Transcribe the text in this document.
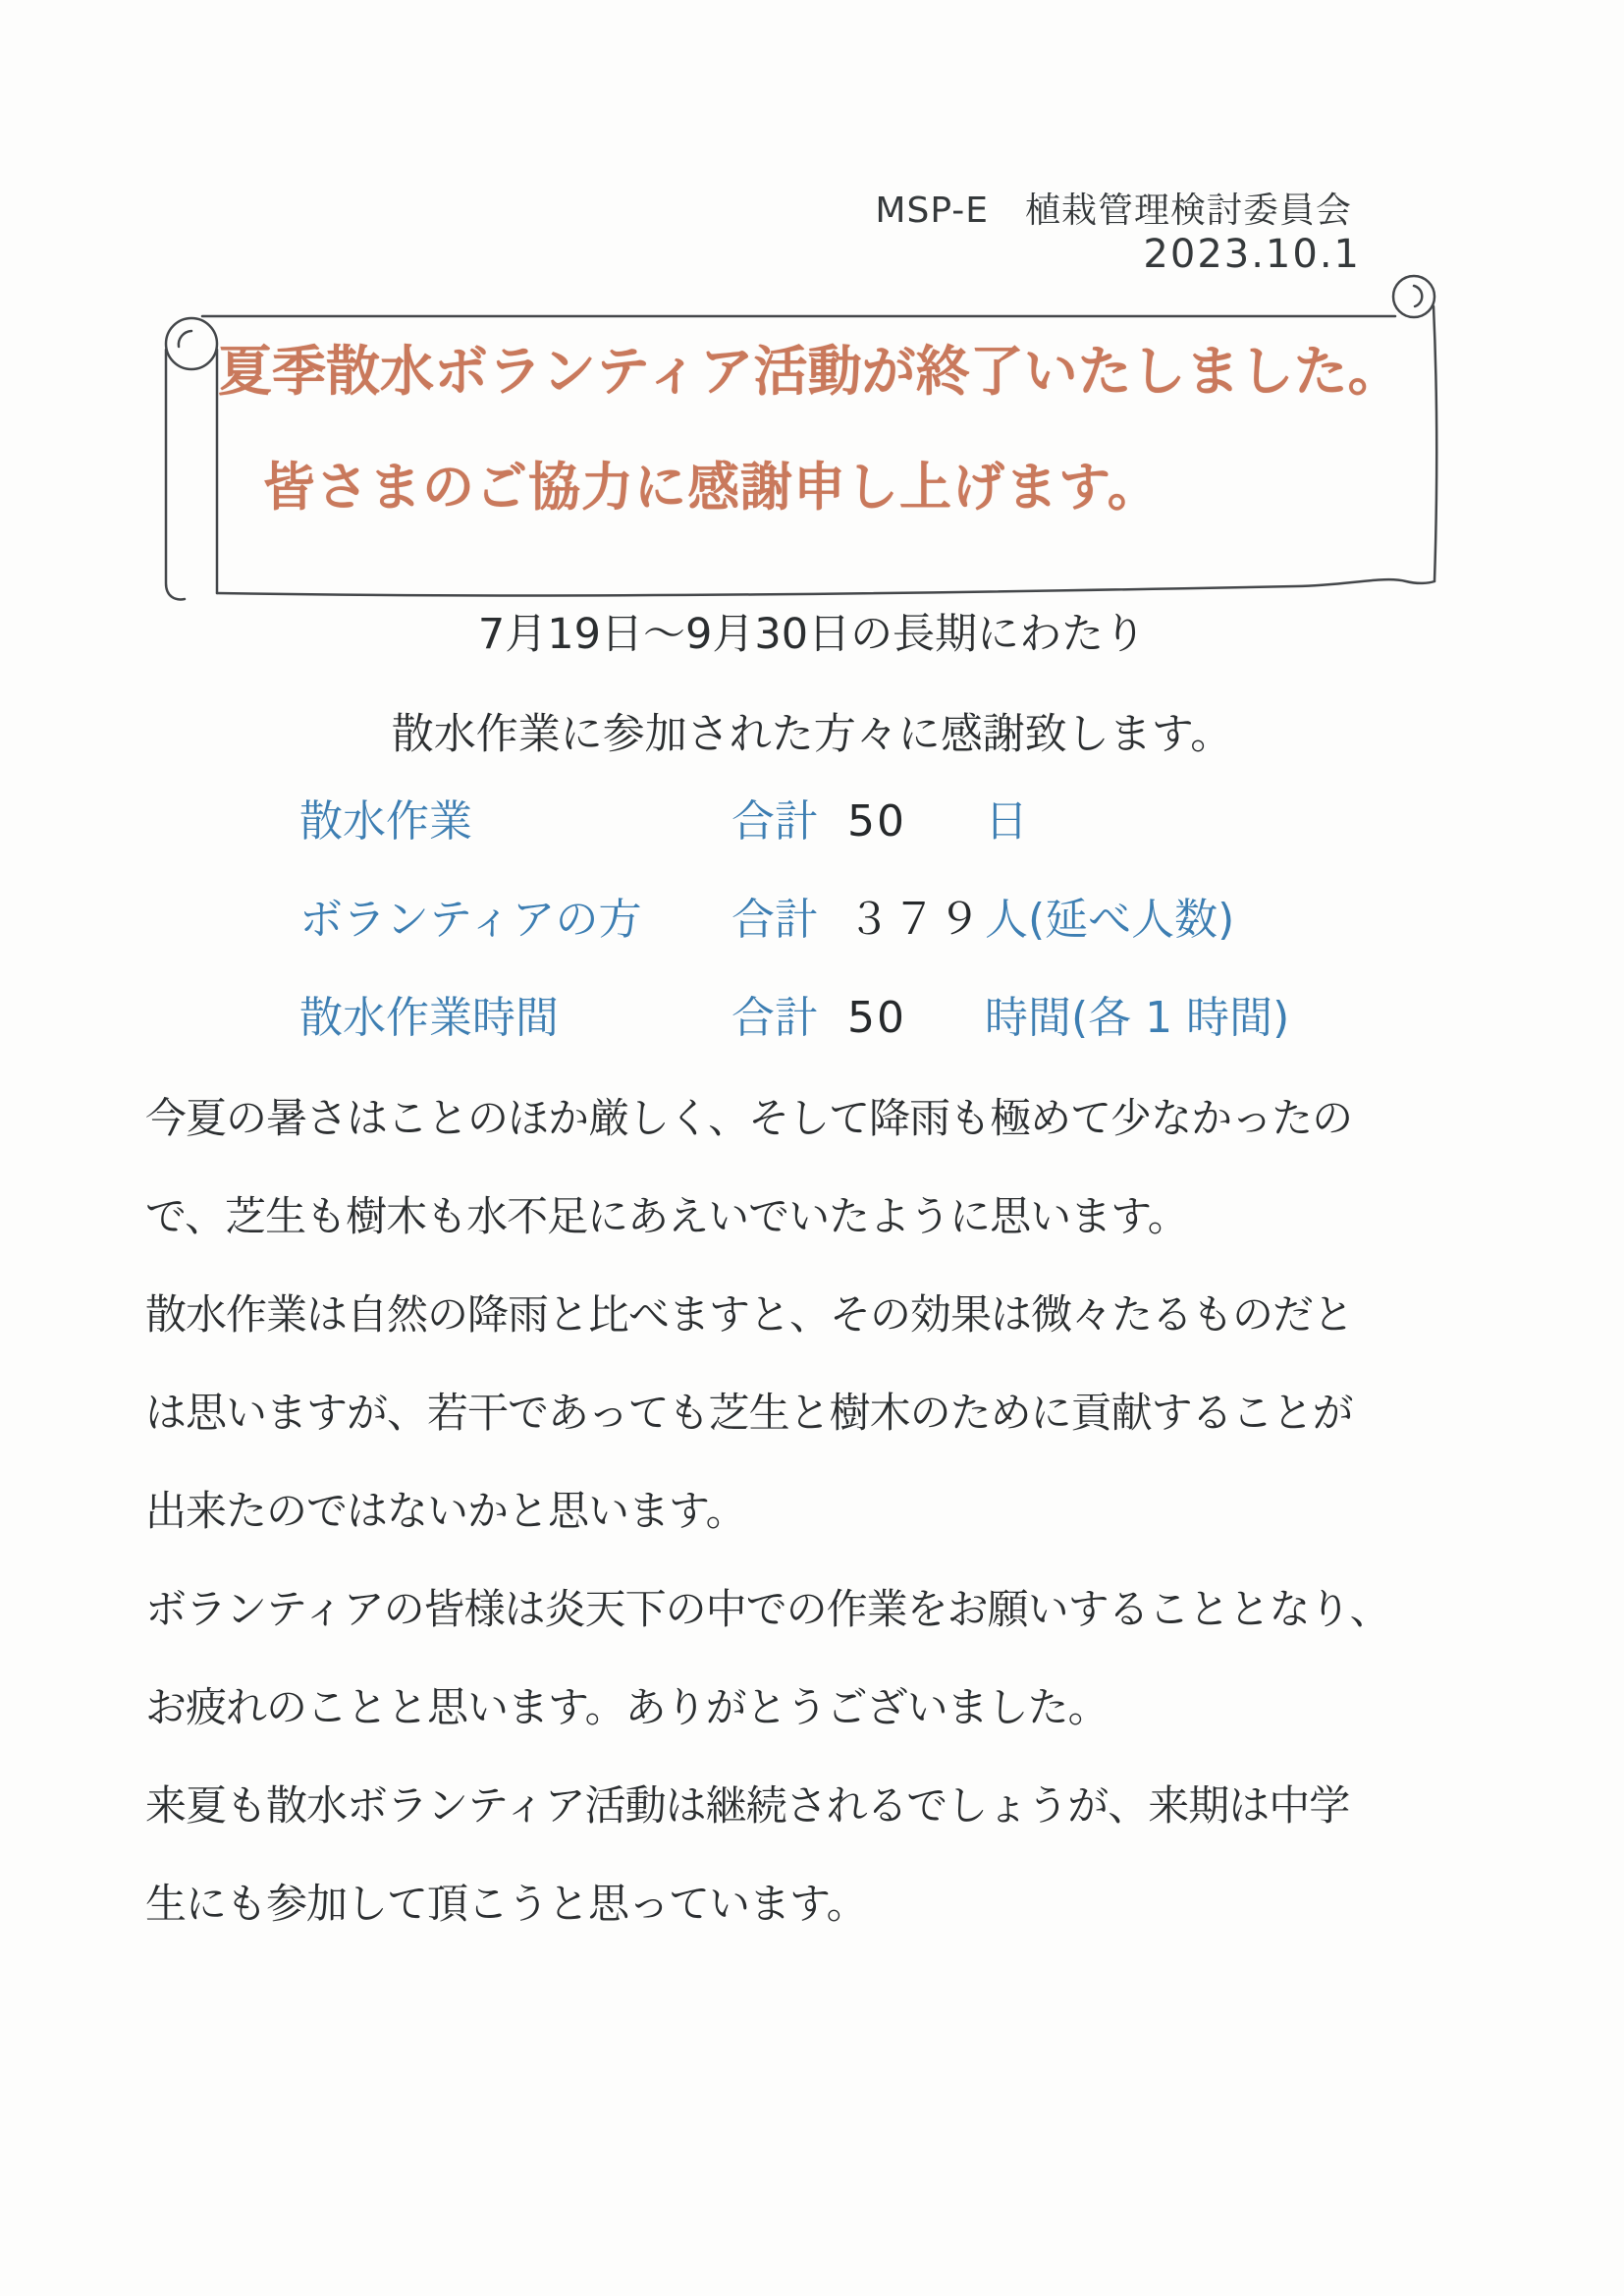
MSP-E　植栽管理検討委員会
2023.10.1
夏季散水ボランティア活動が終了いたしました。
皆さまのご協力に感謝申し上げます。

7月19日～9月30日の長期にわたり

散水作業に参加された方々に感謝致します。

散水作業	合計 50	日
ボランティアの方	合計 ３７９ 人(延べ人数)
散水作業時間	合計 50	時間(各 1 時間)

今夏の暑さはことのほか厳しく、そして降雨も極めて少なかったの

で、芝生も樹木も水不足にあえいでいたように思います。

散水作業は自然の降雨と比べますと、その効果は微々たるものだと

は思いますが、若干であっても芝生と樹木のために貢献することが

出来たのではないかと思います。

ボランティアの皆様は炎天下の中での作業をお願いすることとなり、

お疲れのことと思います。ありがとうございました。

来夏も散水ボランティア活動は継続されるでしょうが、来期は中学

生にも参加して頂こうと思っています。
